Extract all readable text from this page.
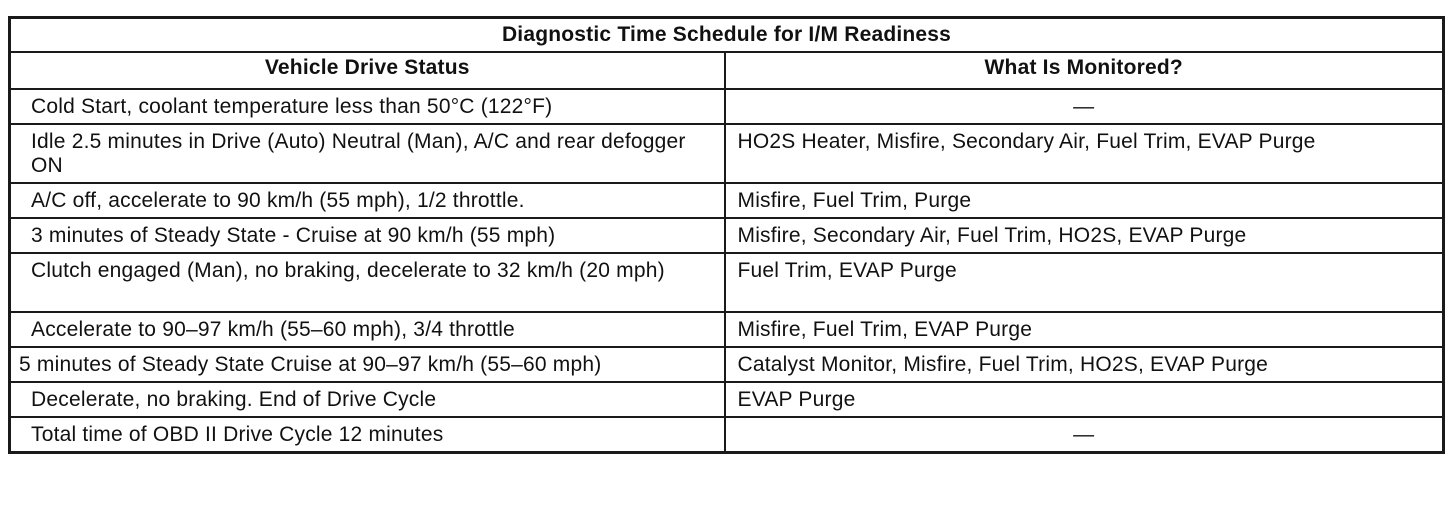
Diagnostic Time Schedule for I/M Readiness	
Vehicle Drive Status	What Is Monitored?
Cold Start, coolant temperature less than 50°C (122°F)	—
Idle 2.5 minutes in Drive (Auto) Neutral (Man), A/C and rear defogger ON	HO2S Heater, Misfire, Secondary Air, Fuel Trim, EVAP Purge
A/C off, accelerate to 90 km/h (55 mph), 1/2 throttle.	Misfire, Fuel Trim, Purge
3 minutes of Steady State - Cruise at 90 km/h (55 mph)	Misfire, Secondary Air, Fuel Trim, HO2S, EVAP Purge
Clutch engaged (Man), no braking, decelerate to 32 km/h (20 mph)	Fuel Trim, EVAP Purge
Accelerate to 90–97 km/h (55–60 mph), 3/4 throttle	Misfire, Fuel Trim, EVAP Purge
5 minutes of Steady State Cruise at 90–97 km/h (55–60 mph)	Catalyst Monitor, Misfire, Fuel Trim, HO2S, EVAP Purge
Decelerate, no braking. End of Drive Cycle	EVAP Purge
Total time of OBD II Drive Cycle 12 minutes	—
